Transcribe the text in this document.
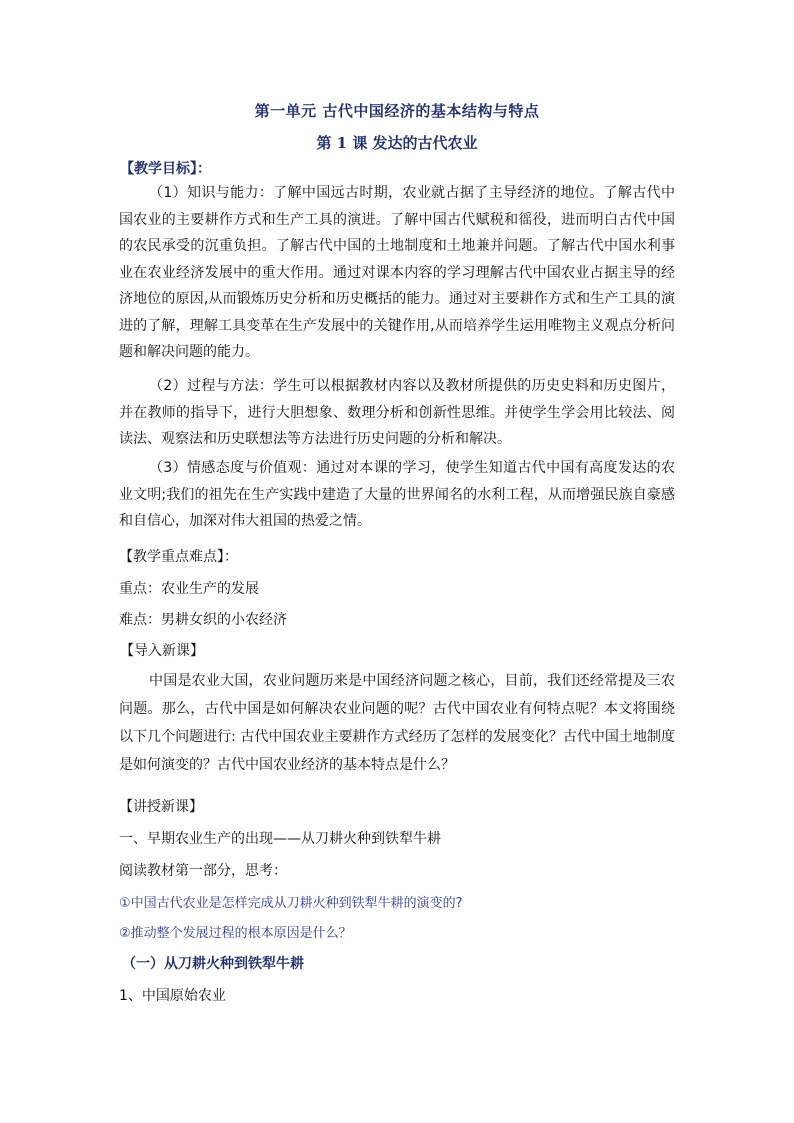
第一单元 古代中国经济的基本结构与特点
第 1 课 发达的古代农业
【教学目标】：
（1）知识与能力：了解中国远古时期，农业就占据了主导经济的地位。了解古代中国农业的主要耕作方式和生产工具的演进。了解中国古代赋税和徭役，进而明白古代中国的农民承受的沉重负担。了解古代中国的土地制度和土地兼并问题。了解古代中国水利事业在农业经济发展中的重大作用。通过对课本内容的学习理解古代中国农业占据主导的经济地位的原因,从而锻炼历史分析和历史概括的能力。通过对主要耕作方式和生产工具的演进的了解，理解工具变革在生产发展中的关键作用,从而培养学生运用唯物主义观点分析问题和解决问题的能力。
（2）过程与方法：学生可以根据教材内容以及教材所提供的历史史料和历史图片，并在教师的指导下，进行大胆想象、数理分析和创新性思维。并使学生学会用比较法、阅读法、观察法和历史联想法等方法进行历史问题的分析和解决。
（3）情感态度与价值观：通过对本课的学习，使学生知道古代中国有高度发达的农业文明;我们的祖先在生产实践中建造了大量的世界闻名的水利工程，从而增强民族自豪感和自信心，加深对伟大祖国的热爱之情。
【教学重点难点】：
重点：农业生产的发展
难点：男耕女织的小农经济
【导入新课】
中国是农业大国，农业问题历来是中国经济问题之核心，目前，我们还经常提及三农问题。那么，古代中国是如何解决农业问题的呢？古代中国农业有何特点呢？本文将围绕以下几个问题进行: 古代中国农业主要耕作方式经历了怎样的发展变化？古代中国土地制度是如何演变的？古代中国农业经济的基本特点是什么？
【讲授新课】
一、早期农业生产的出现——从刀耕火种到铁犁牛耕
阅读教材第一部分，思考：
①中国古代农业是怎样完成从刀耕火种到铁犁牛耕的演变的?
②推动整个发展过程的根本原因是什么？
（一）从刀耕火种到铁犁牛耕
1、中国原始农业
